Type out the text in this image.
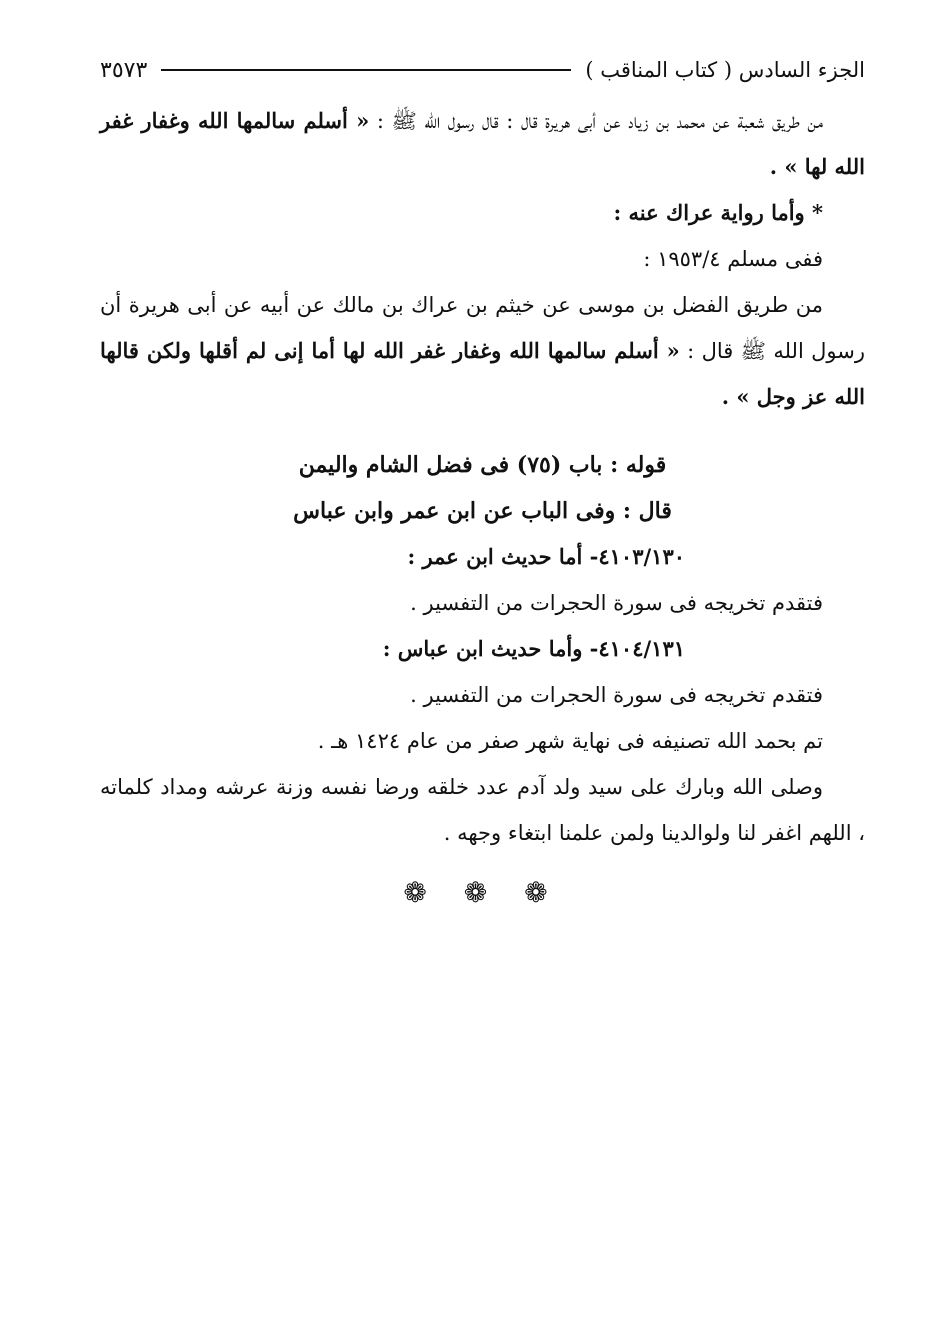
الجزء السادس ( كتاب المناقب )
٣٥٧٣

من طريق شعبة عن محمد بن زياد عن أبى هريرة قال : قال رسول الله ﷺ : « أسلم سالمها الله وغفار غفر الله لها » .

* وأما رواية عراك عنه :

ففى مسلم ١٩٥٣/٤ :

من طريق الفضل بن موسى عن خيثم بن عراك بن مالك عن أبيه عن أبى هريرة أن رسول الله ﷺ قال : « أسلم سالمها الله وغفار غفر الله لها أما إنى لم أقلها ولكن قالها الله عز وجل » .

قوله : باب (٧٥) فى فضل الشام واليمن

قال : وفى الباب عن ابن عمر وابن عباس

٤١٠٣/١٣٠- أما حديث ابن عمر :

فتقدم تخريجه فى سورة الحجرات من التفسير .

٤١٠٤/١٣١- وأما حديث ابن عباس :

فتقدم تخريجه فى سورة الحجرات من التفسير .

تم بحمد الله تصنيفه فى نهاية شهر صفر من عام ١٤٢٤ هـ .

وصلى الله وبارك على سيد ولد آدم عدد خلقه ورضا نفسه وزنة عرشه ومداد كلماته ، اللهم اغفر لنا ولوالدينا ولمن علمنا ابتغاء وجهه .

❁ ❁ ❁
